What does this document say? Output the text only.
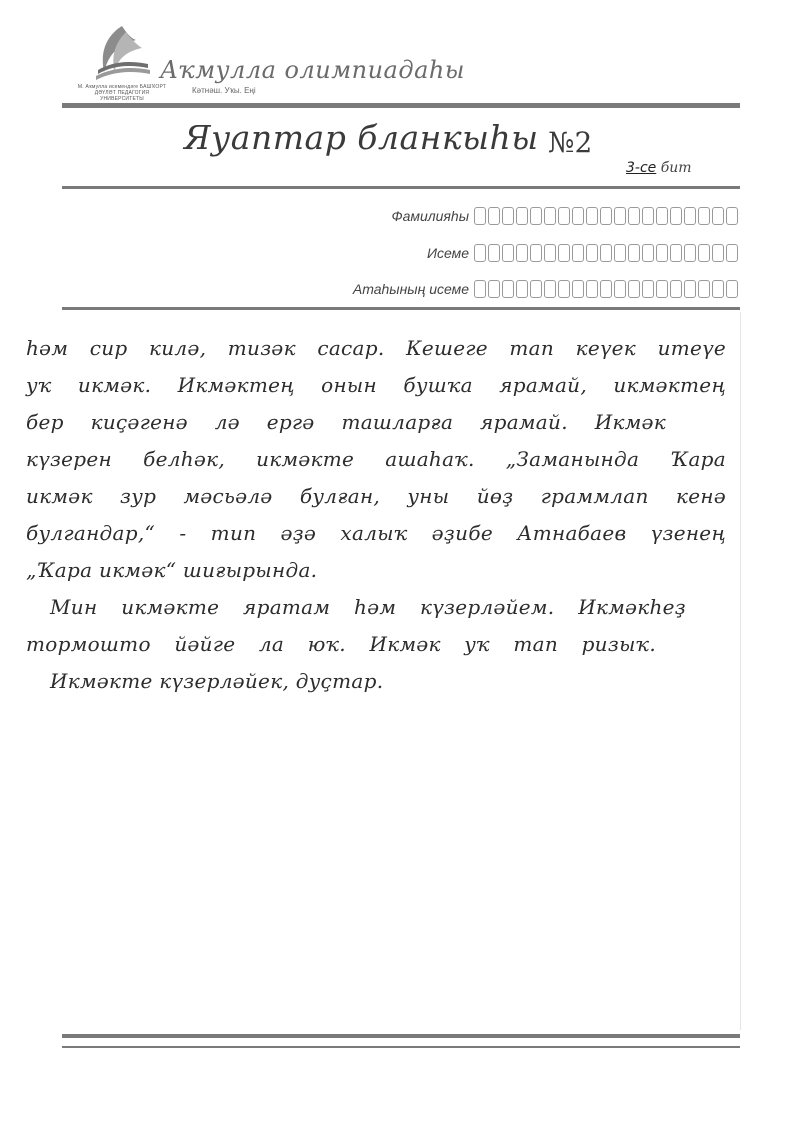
М. Аҡмулла исемендәге БАШҠОРТ ДӘҮЛӘТ ПЕДАГОГИЯ УНИВЕРСИТЕТЫ
Аҡмулла олимпиадаһы
Кәтнәш. Уҡы. Еңі
Яуаптар бланкыһы №2
3-се бит
Фамилияһы
Исеме
Атаһының исеме
һәм сир килә, тизәк сасар. Кешеге тап кеүек итеүе
уҡ икмәк. Икмәктең онын бушҡа ярамай, икмәктең
бер киҫәгенә лә ергә ташларға ярамай. Икмәк
күзерен белһәк, икмәкте ашаһаҡ. „Заманында Ҡара
икмәк зур мәсьәлә булған, уны йөҙ граммлап кенә
булгандар,“ - тип әҙә халыҡ әҙибе Атнабаев үзенең
„Ҡара икмәк“ шиғырында.
Мин икмәкте яратам һәм күзерләйем. Икмәкһеҙ
тормошто йәйге ла юҡ. Икмәк уҡ тап ризыҡ.
Икмәкте күзерләйек, дуҫтар.
